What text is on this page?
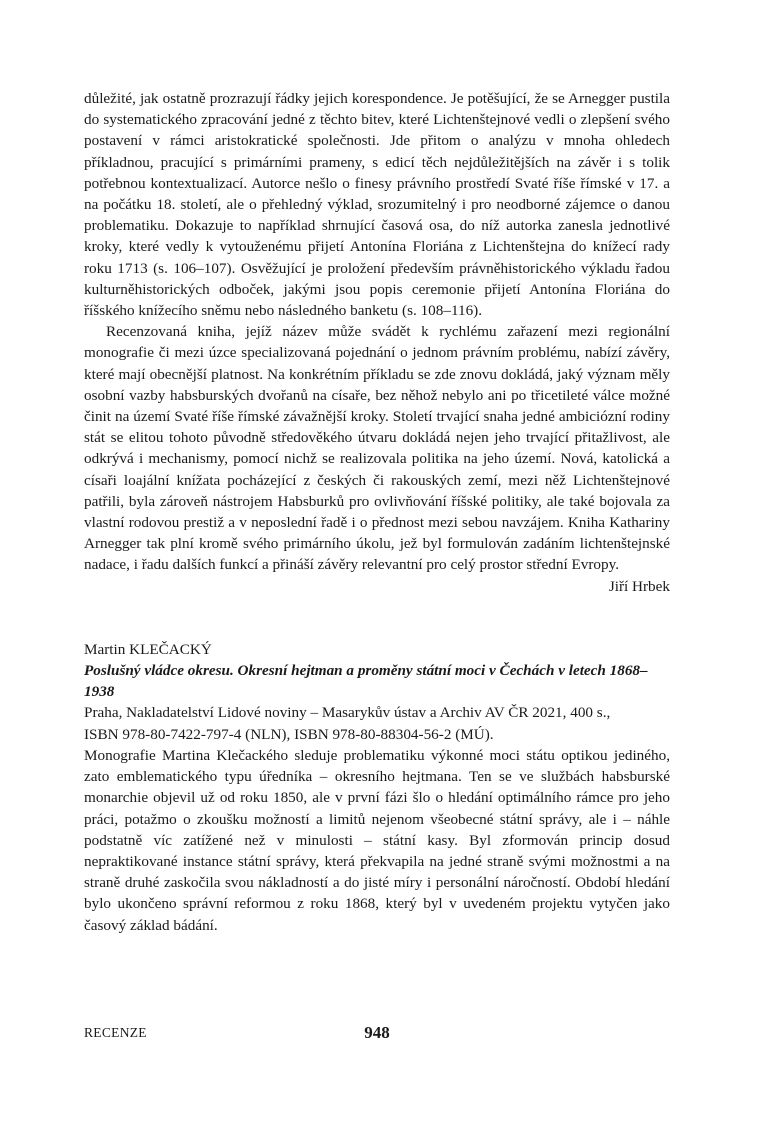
důležité, jak ostatně prozrazují řádky jejich korespondence. Je potěšující, že se Arnegger pustila do systematického zpracování jedné z těchto bitev, které Lichtenštejnové vedli o zlepšení svého postavení v rámci aristokratické společnosti. Jde přitom o analýzu v mnoha ohledech příkladnou, pracující s primárními prameny, s edicí těch nejdůležitějších na závěr i s tolik potřebnou kontextualizací. Autorce nešlo o finesy právního prostředí Svaté říše římské v 17. a na počátku 18. století, ale o přehledný výklad, srozumitelný i pro neodborné zájemce o danou problematiku. Dokazuje to například shrnující časová osa, do níž autorka zanesla jednotlivé kroky, které vedly k vytouženému přijetí Antonína Floriána z Lichtenštejna do knížecí rady roku 1713 (s. 106–107). Osvěžující je proložení především právněhistorického výkladu řadou kulturněhistorických odboček, jakými jsou popis ceremonie přijetí Antonína Floriána do říšského knížecího sněmu nebo následného banketu (s. 108–116).

Recenzovaná kniha, jejíž název může svádět k rychlému zařazení mezi regionální monografie či mezi úzce specializovaná pojednání o jednom právním problému, nabízí závěry, které mají obecnější platnost. Na konkrétním příkladu se zde znovu dokládá, jaký význam měly osobní vazby habsburských dvořanů na císaře, bez něhož nebylo ani po třicetileté válce možné činit na území Svaté říše římské závažnější kroky. Století trvající snaha jedné ambiciózní rodiny stát se elitou tohoto původně středověkého útvaru dokládá nejen jeho trvající přitažlivost, ale odkrývá i mechanismy, pomocí nichž se realizovala politika na jeho území. Nová, katolická a císaři loajální knížata pocházející z českých či rakouských zemí, mezi něž Lichtenštejnové patřili, byla zároveň nástrojem Habsburků pro ovlivňování říšské politiky, ale také bojovala za vlastní rodovou prestiž a v neposlední řadě i o přednost mezi sebou navzájem. Kniha Kathariny Arnegger tak plní kromě svého primárního úkolu, jež byl formulován zadáním lichtenštejnské nadace, i řadu dalších funkcí a přináší závěry relevantní pro celý prostor střední Evropy.

Jiří Hrbek

Martin KLEČACKÝ
Poslušný vládce okresu. Okresní hejtman a proměny státní moci v Čechách v letech 1868–1938
Praha, Nakladatelství Lidové noviny – Masarykův ústav a Archiv AV ČR 2021, 400 s.,
ISBN 978-80-7422-797-4 (NLN), ISBN 978-80-88304-56-2 (MÚ).

Monografie Martina Klečackého sleduje problematiku výkonné moci státu optikou jediného, zato emblematického typu úředníka – okresního hejtmana. Ten se ve službách habsburské monarchie objevil už od roku 1850, ale v první fázi šlo o hledání optimálního rámce pro jeho práci, potažmo o zkoušku možností a limitů nejenom všeobecné státní správy, ale i – náhle podstatně víc zatížené než v minulosti – státní kasy. Byl zformován princip dosud nepraktikované instance státní správy, která překvapila na jedné straně svými možnostmi a na straně druhé zaskočila svou nákladností a do jisté míry i personální náročností. Období hledání bylo ukončeno správní reformou z roku 1868, který byl v uvedeném projektu vytyčen jako časový základ bádání.

RECENZE	948
